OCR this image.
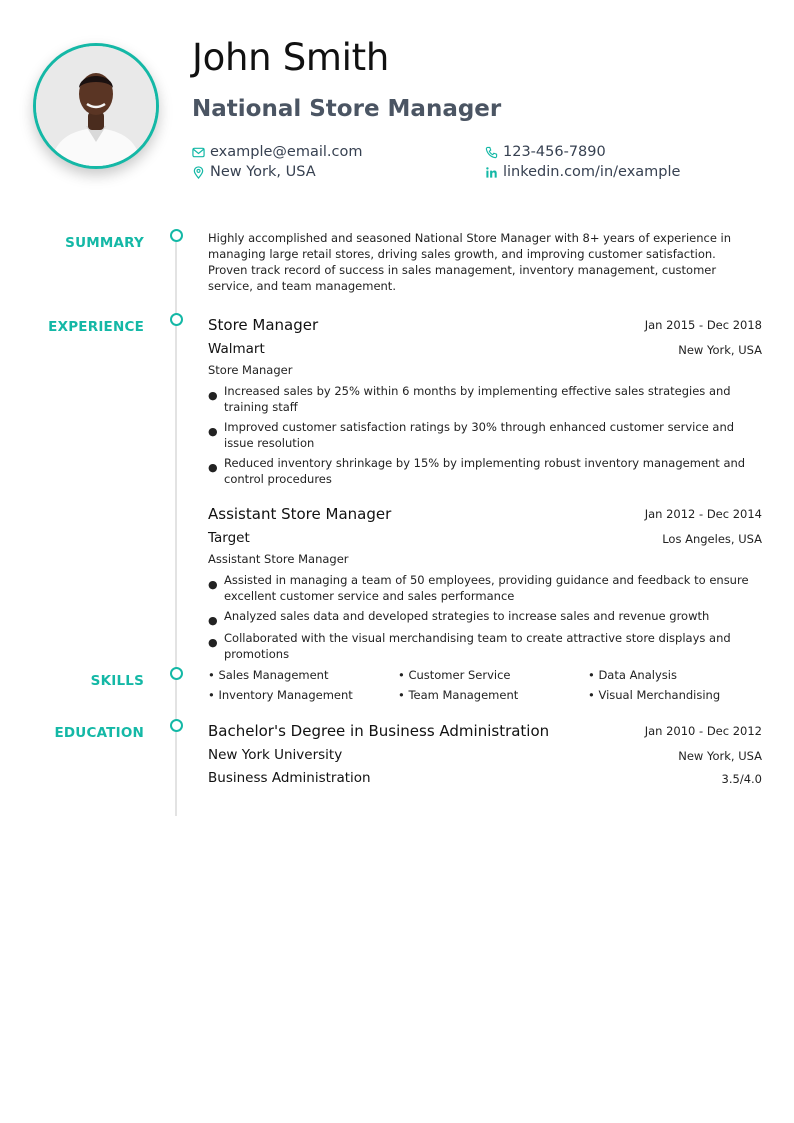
John Smith
National Store Manager
example@email.com	123-456-7890
New York, USA	linkedin.com/in/example
SUMMARY	Highly accomplished and seasoned National Store Manager with 8+ years of experience in managing large retail stores, driving sales growth, and improving customer satisfaction. Proven track record of success in sales management, inventory management, customer service, and team management.

EXPERIENCE	Store Manager	Jan 2015 - Dec 2018
Walmart	New York, USA
Store Manager
● Increased sales by 25% within 6 months by implementing effective sales strategies and training staff
● Improved customer satisfaction ratings by 30% through enhanced customer service and issue resolution
● Reduced inventory shrinkage by 15% by implementing robust inventory management and control procedures
Assistant Store Manager	Jan 2012 - Dec 2014
Target	Los Angeles, USA
Assistant Store Manager
● Assisted in managing a team of 50 employees, providing guidance and feedback to ensure excellent customer service and sales performance
● Analyzed sales data and developed strategies to increase sales and revenue growth
● Collaborated with the visual merchandising team to create attractive store displays and promotions
SKILLS	• Sales Management	• Customer Service	• Data Analysis
• Inventory Management	• Team Management	• Visual Merchandising
EDUCATION	Bachelor's Degree in Business Administration	Jan 2010 - Dec 2012
New York University	New York, USA
Business Administration	3.5/4.0
